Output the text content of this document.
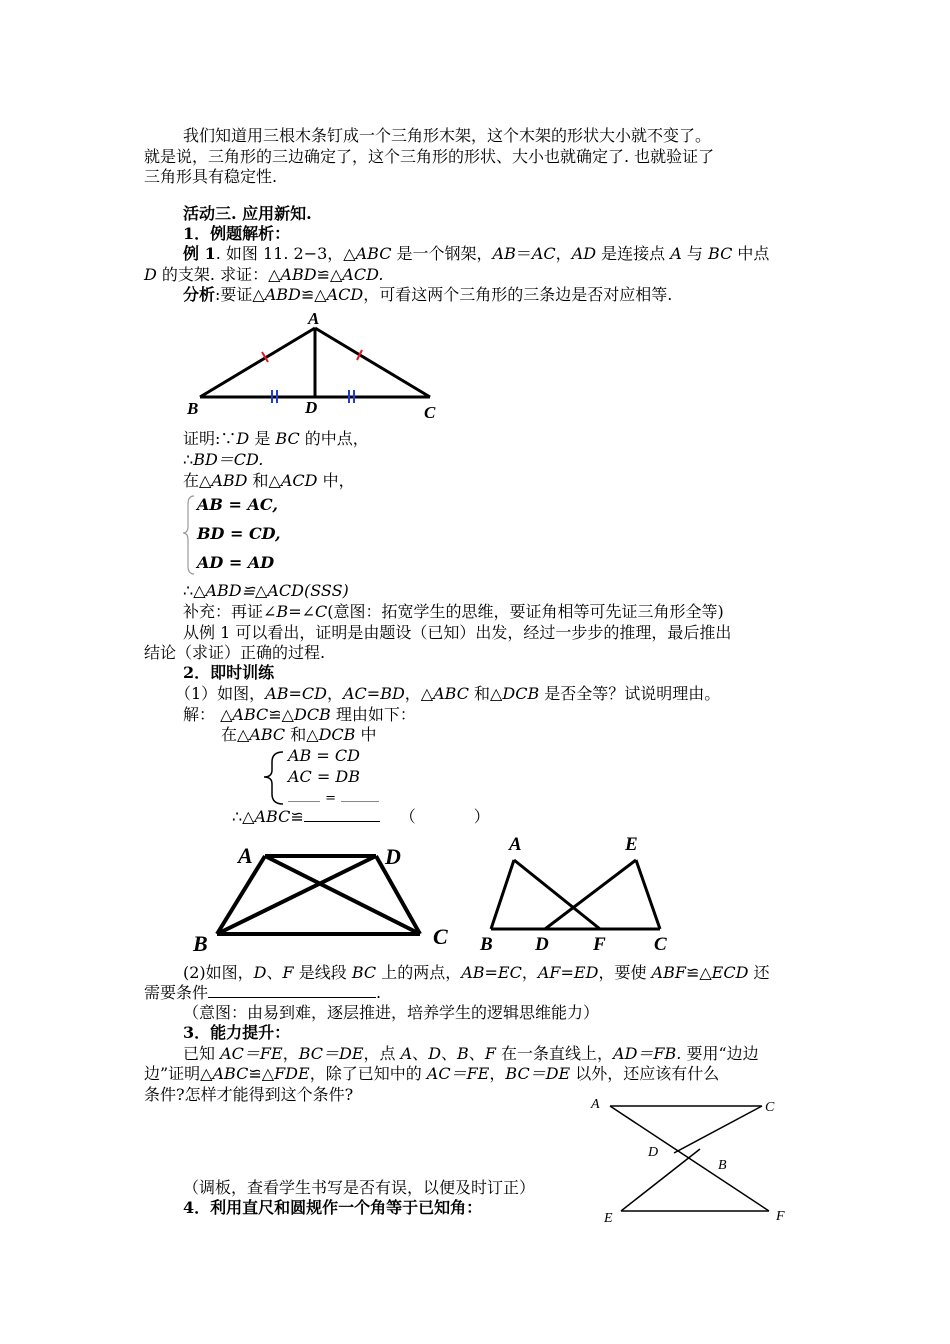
我们知道用三根木条钉成一个三角形木架，这个木架的形状大小就不变了。
就是说，三角形的三边确定了，这个三角形的形状、大小也就确定了. 也就验证了
三角形具有稳定性.
活动三. 应用新知.
1．例题解析：
例 1. 如图 11. 2−3，△ABC 是一个钢架，AB＝AC，AD 是连接点 A 与 BC 中点
D 的支架. 求证：△ABD≌△ACD.
分析:要证△ABD≌△ACD，可看这两个三角形的三条边是否对应相等.
A
B	D	C
A	D
B	C
A	E
B D F	C
A	C
D
B
E	F
证明:∵D 是 BC 的中点，
∴BD＝CD.
在△ABD 和△ACD 中，
AB = AC,
BD = CD,
AD = AD
∴△ABD≌△ACD(SSS)
补充：再证∠B=∠C(意图：拓宽学生的思维，要证角相等可先证三角形全等)
从例 1 可以看出，证明是由题设（已知）出发，经过一步步的推理，最后推出
结论（求证）正确的过程.
2．即时训练
（1）如图，AB=CD，AC=BD，△ABC 和△DCB 是否全等？试说明理由。
解： △ABC≌△DCB 理由如下：
在△ABC 和△DCB 中
AB = CD
AC = DB
=
∴△ABC≌	（	）
(2)如图，D、F 是线段 BC 上的两点，AB=EC，AF=ED，要使 ABF≌△ECD 还
需要条件	.
（意图：由易到难，逐层推进，培养学生的逻辑思维能力）
3．能力提升：
已知 AC＝FE，BC＝DE，点 A、D、B、F 在一条直线上，AD＝FB. 要用“边边
边”证明△ABC≌△FDE，除了已知中的 AC＝FE，BC＝DE 以外，还应该有什么
条件?怎样才能得到这个条件?
（调板，查看学生书写是否有误，以便及时订正）
4．利用直尺和圆规作一个角等于已知角：
